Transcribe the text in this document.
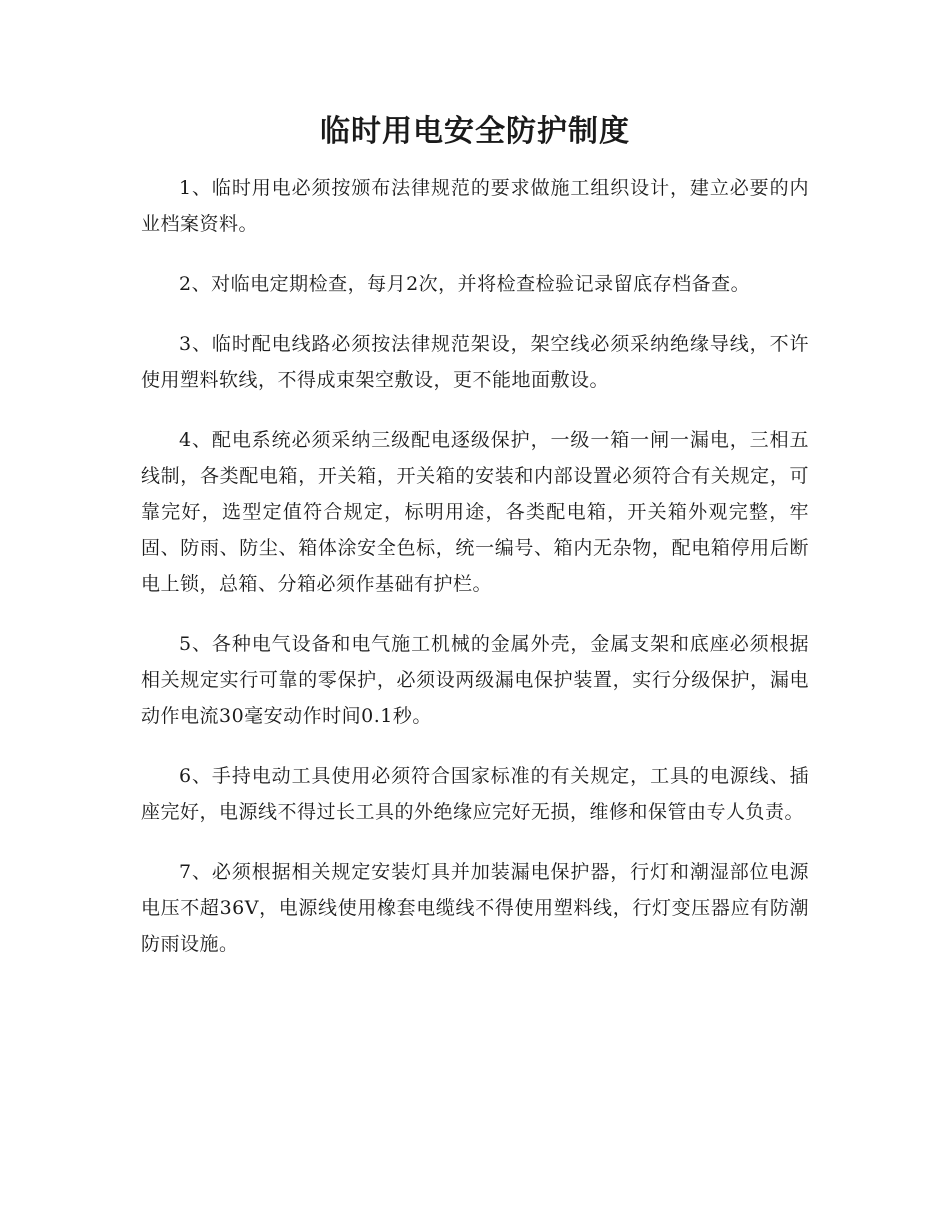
临时用电安全防护制度

1、临时用电必须按颁布法律规范的要求做施工组织设计，建立必要的内业档案资料。

2、对临电定期检查，每月2次，并将检查检验记录留底存档备查。

3、临时配电线路必须按法律规范架设，架空线必须采纳绝缘导线，不许使用塑料软线，不得成束架空敷设，更不能地面敷设。

4、配电系统必须采纳三级配电逐级保护，一级一箱一闸一漏电，三相五线制，各类配电箱，开关箱，开关箱的安装和内部设置必须符合有关规定，可靠完好，选型定值符合规定，标明用途，各类配电箱，开关箱外观完整，牢固、防雨、防尘、箱体涂安全色标，统一编号、箱内无杂物，配电箱停用后断电上锁，总箱、分箱必须作基础有护栏。

5、各种电气设备和电气施工机械的金属外壳，金属支架和底座必须根据相关规定实行可靠的零保护，必须设两级漏电保护装置，实行分级保护，漏电动作电流30毫安动作时间0.1秒。

6、手持电动工具使用必须符合国家标准的有关规定，工具的电源线、插座完好，电源线不得过长工具的外绝缘应完好无损，维修和保管由专人负责。

7、必须根据相关规定安装灯具并加装漏电保护器，行灯和潮湿部位电源电压不超36V，电源线使用橡套电缆线不得使用塑料线，行灯变压器应有防潮防雨设施。
